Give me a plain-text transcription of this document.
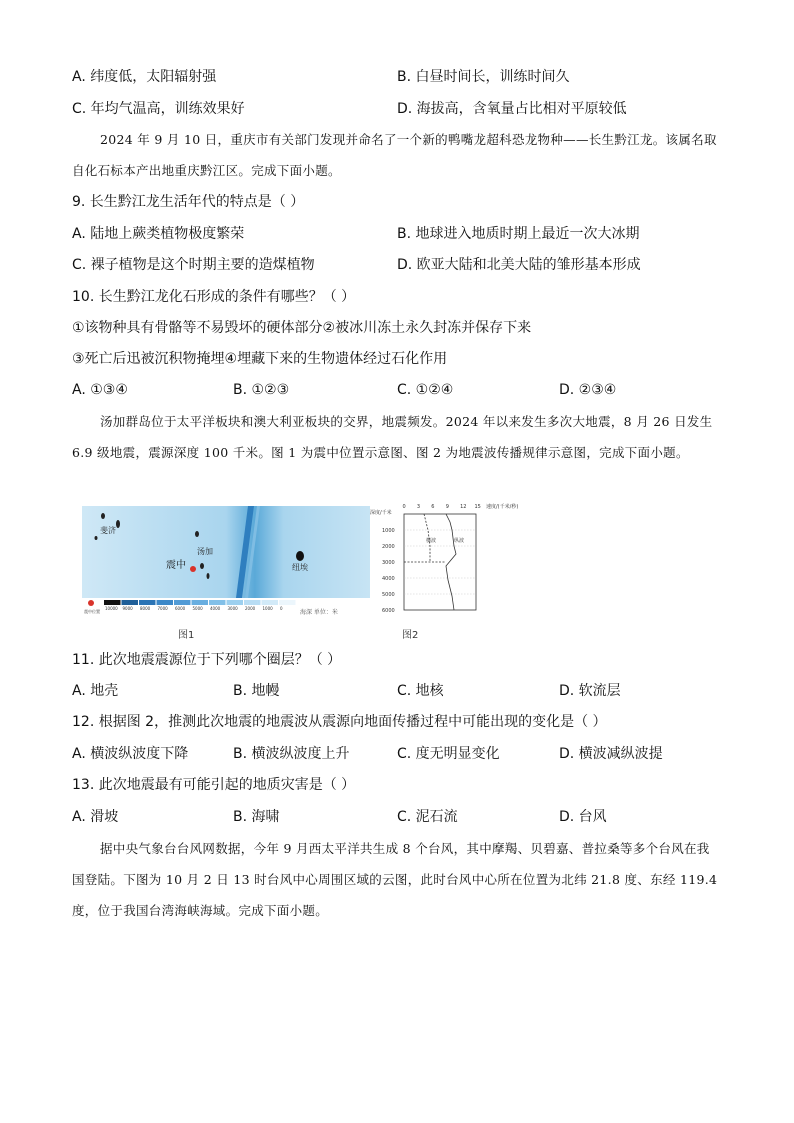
A. 纬度低，太阳辐射强	B. 白昼时间长，训练时间久
C. 年均气温高，训练效果好	D. 海拔高，含氧量占比相对平原较低
2024 年 9 月 10 日，重庆市有关部门发现并命名了一个新的鸭嘴龙超科恐龙物种——长生黔江龙。该属名取自化石标本产出地重庆黔江区。完成下面小题。
9. 长生黔江龙生活年代的特点是（ ）
A. 陆地上蕨类植物极度繁荣	B. 地球进入地质时期上最近一次大冰期
C. 裸子植物是这个时期主要的造煤植物	D. 欧亚大陆和北美大陆的雏形基本形成
10. 长生黔江龙化石形成的条件有哪些？（ ）
①该物种具有骨骼等不易毁坏的硬体部分②被冰川冻土永久封冻并保存下来
③死亡后迅被沉积物掩埋④埋藏下来的生物遗体经过石化作用
A. ①③④	B. ①②③	C. ①②④	D. ②③④
汤加群岛位于太平洋板块和澳大利亚板块的交界，地震频发。2024 年以来发生多次大地震，8 月 26 日发生 6.9 级地震，震源深度 100 千米。图 1 为震中位置示意图、图 2 为地震波传播规律示意图，完成下面小题。
斐济
汤加
震中	纽埃
震中位置
10000 9000 8000 7000 6000 5000 4000 3000 2000 1000 0
海深 单位：米
图1
深度/千米
速度/(千米/秒)
0 3 6 9 12 15
1000
2000
3000
4000
5000
6000
横波	纵波
图2
11. 此次地震震源位于下列哪个圈层？（ ）
A. 地壳	B. 地幔	C. 地核	D. 软流层
12. 根据图 2，推测此次地震的地震波从震源向地面传播过程中可能出现的变化是（ ）
A. 横波纵波度下降	B. 横波纵波度上升	C. 度无明显变化	D. 横波减纵波提
13. 此次地震最有可能引起的地质灾害是（ ）
A. 滑坡	B. 海啸	C. 泥石流	D. 台风
据中央气象台台风网数据，今年 9 月西太平洋共生成 8 个台风，其中摩羯、贝碧嘉、普拉桑等多个台风在我国登陆。下图为 10 月 2 日 13 时台风中心周围区域的云图，此时台风中心所在位置为北纬 21.8 度、东经 119.4 度，位于我国台湾海峡海域。完成下面小题。
